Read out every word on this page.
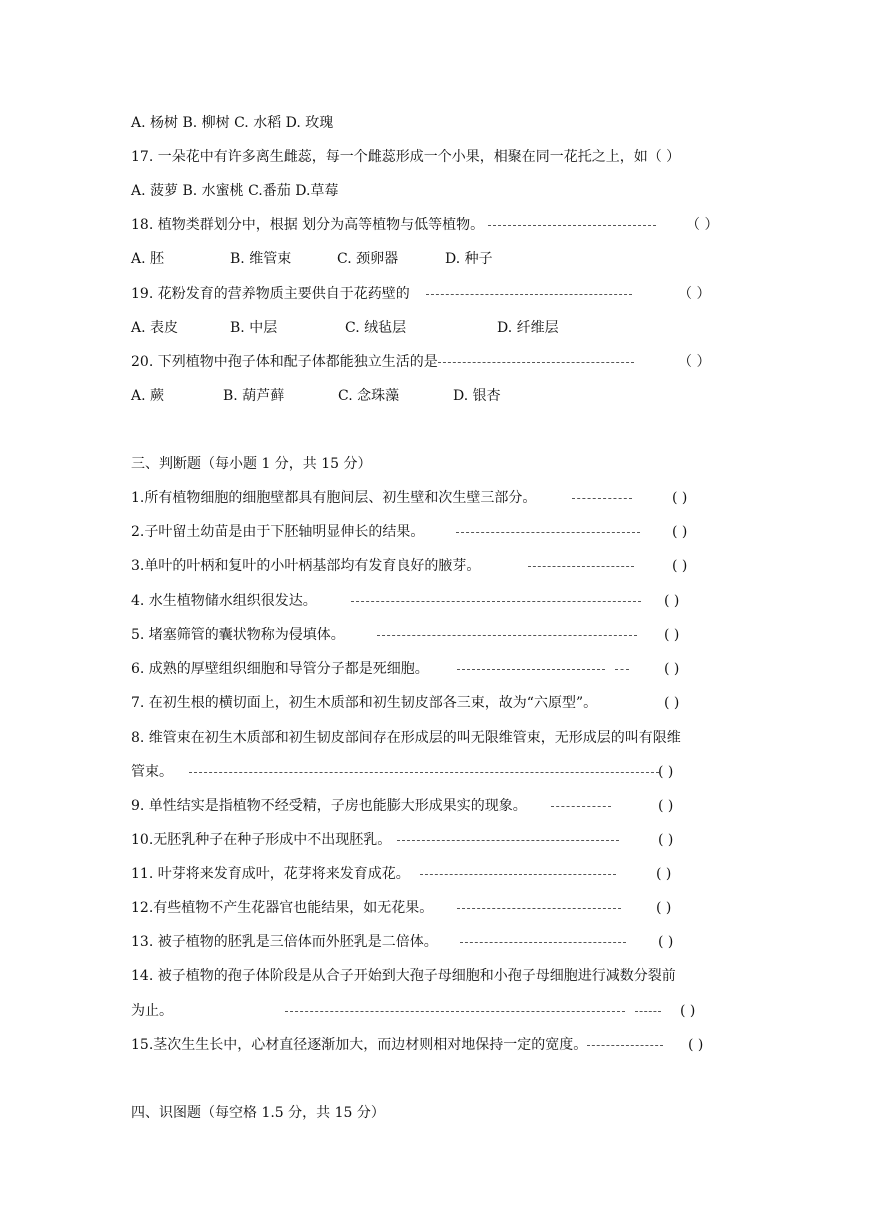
A. 杨树 B. 柳树 C. 水稻 D. 玫瑰
17. 一朵花中有许多离生雌蕊，每一个雌蕊形成一个小果，相聚在同一花托之上，如（ ）
A. 菠萝 B. 水蜜桃 C.番茄 D.草莓
18. 植物类群划分中，根据 划分为高等植物与低等植物。	（ ）
A. 胚	B. 维管束	C. 颈卵器	D. 种子
19. 花粉发育的营养物质主要供自于花药壁的	（ ）
A. 表皮	B. 中层	C. 绒毡层	D. 纤维层
20. 下列植物中孢子体和配子体都能独立生活的是	（ ）
A. 蕨	B. 葫芦藓	C. 念珠藻	D. 银杏
三、判断题（每小题 1 分，共 15 分）
1.所有植物细胞的细胞壁都具有胞间层、初生壁和次生壁三部分。	( )
2.子叶留土幼苗是由于下胚轴明显伸长的结果。	( )
3.单叶的叶柄和复叶的小叶柄基部均有发育良好的腋芽。	( )
4. 水生植物储水组织很发达。	( )
5. 堵塞筛管的囊状物称为侵填体。	( )
6. 成熟的厚壁组织细胞和导管分子都是死细胞。	( )
7. 在初生根的横切面上，初生木质部和初生韧皮部各三束，故为“六原型”。	( )
8. 维管束在初生木质部和初生韧皮部间存在形成层的叫无限维管束，无形成层的叫有限维
管束。	( )
9. 单性结实是指植物不经受精，子房也能膨大形成果实的现象。	( )
10.无胚乳种子在种子形成中不出现胚乳。	( )
11. 叶芽将来发育成叶，花芽将来发育成花。	( )
12.有些植物不产生花器官也能结果，如无花果。	( )
13. 被子植物的胚乳是三倍体而外胚乳是二倍体。	( )
14. 被子植物的孢子体阶段是从合子开始到大孢子母细胞和小孢子母细胞进行减数分裂前
为止。	( )
15.茎次生生长中，心材直径逐渐加大，而边材则相对地保持一定的宽度。	( )
四、识图题（每空格 1.5 分，共 15 分）
